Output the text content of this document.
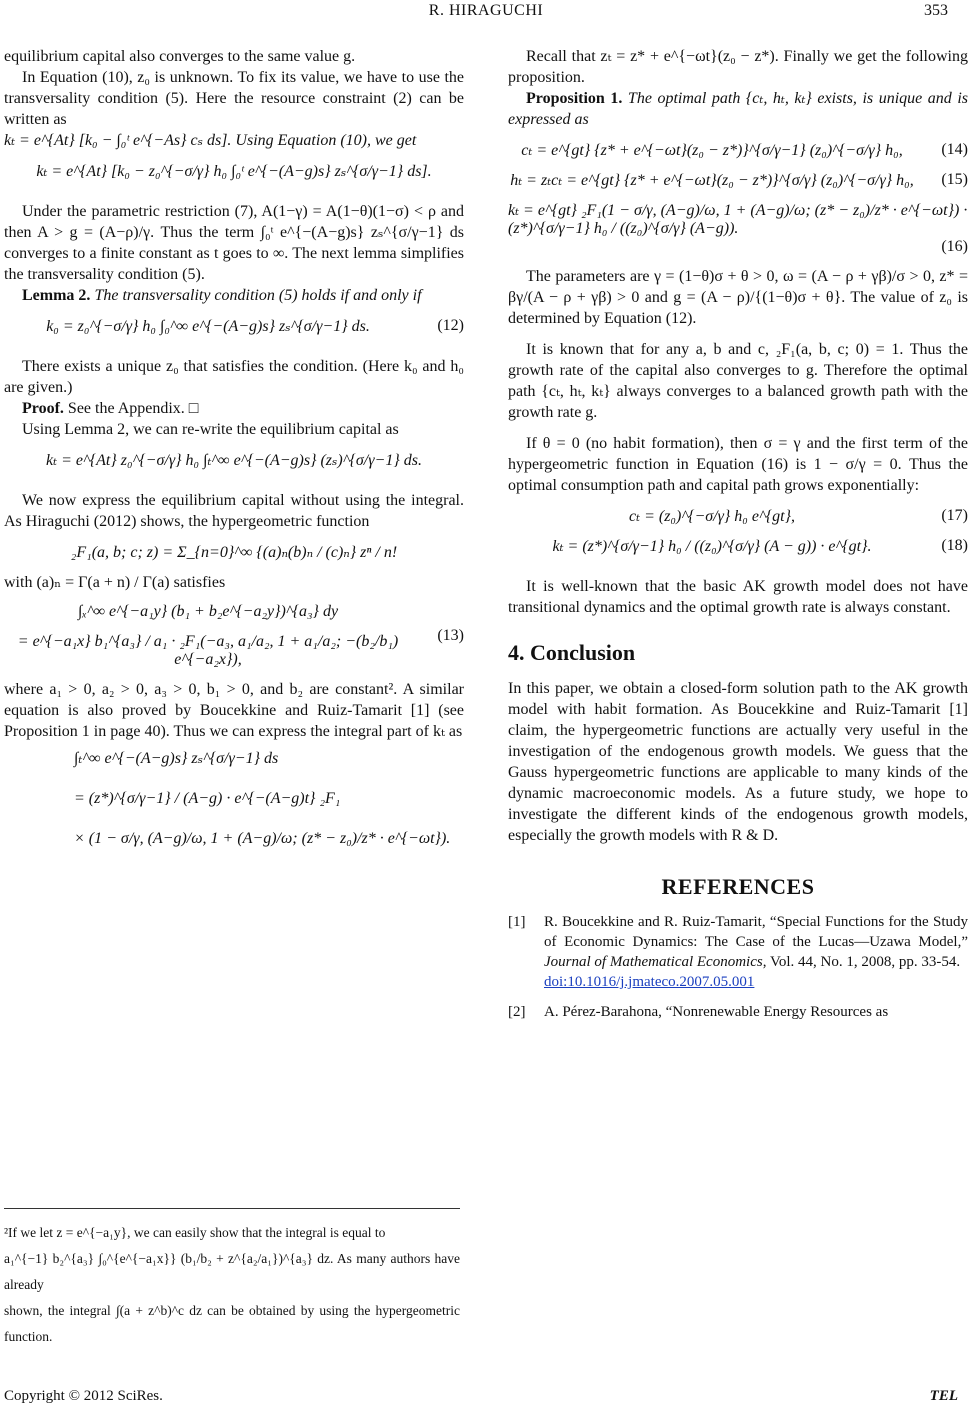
R. HIRAGUCHI	353

equilibrium capital also converges to the same value g.

In Equation (10), z₀ is unknown. To fix its value, we have to use the transversality condition (5). Here the resource constraint (2) can be written as

kₜ = e^{At} [k₀ − ∫₀ᵗ e^{−As} cₛ ds]. Using Equation (10), we get

kₜ = e^{At} [k₀ − z₀^{−σ/γ} h₀ ∫₀ᵗ e^{−(A−g)s} zₛ^{σ/γ−1} ds].

Under the parametric restriction (7), A(1−γ) = A(1−θ)(1−σ) < ρ and then A > g = (A−ρ)/γ. Thus the term ∫₀ᵗ e^{−(A−g)s} zₛ^{σ/γ−1} ds converges to a finite constant as t goes to ∞. The next lemma simplifies the transversality condition (5).

Lemma 2. The transversality condition (5) holds if and only if

k₀ = z₀^{−σ/γ} h₀ ∫₀^∞ e^{−(A−g)s} zₛ^{σ/γ−1} ds.	(12)

There exists a unique z₀ that satisfies the condition. (Here k₀ and h₀ are given.)

Proof. See the Appendix. □

Using Lemma 2, we can re-write the equilibrium capital as

kₜ = e^{At} z₀^{−σ/γ} h₀ ∫ₜ^∞ e^{−(A−g)s} (zₛ)^{σ/γ−1} ds.

We now express the equilibrium capital without using the integral. As Hiraguchi (2012) shows, the hypergeometric function

₂F₁(a, b; c; z) = Σ_{n=0}^∞ {(a)ₙ(b)ₙ / (c)ₙ} zⁿ / n!

with (a)ₙ = Γ(a + n) / Γ(a) satisfies

∫ₓ^∞ e^{−a₁y} (b₁ + b₂e^{−a₂y})^{a₃} dy
= e^{−a₁x} b₁^{a₃} / a₁ · ₂F₁(−a₃, a₁/a₂, 1 + a₁/a₂; −(b₂/b₁) e^{−a₂x}),
(13)

where a₁ > 0, a₂ > 0, a₃ > 0, b₁ > 0, and b₂ are constant². A similar equation is also proved by Boucekkine and Ruiz-Tamarit [1] (see Proposition 1 in page 40). Thus we can express the integral part of kₜ as

∫ₜ^∞ e^{−(A−g)s} zₛ^{σ/γ−1} ds
= (z*)^{σ/γ−1} / (A−g) · e^{−(A−g)t} ₂F₁
× (1 − σ/γ, (A−g)/ω, 1 + (A−g)/ω; (z* − z₀)/z* · e^{−ωt}).
²If we let z = e^{−a₁y}, we can easily show that the integral is equal to
a₁^{−1} b₂^{a₃} ∫₀^{e^{−a₁x}} (b₁/b₂ + z^{a₂/a₁})^{a₃} dz. As many authors have already
shown, the integral ∫(a + z^b)^c dz can be obtained by using the hypergeometric function.

Recall that zₜ = z* + e^{−ωt}(z₀ − z*). Finally we get the following proposition.

Proposition 1. The optimal path {cₜ, hₜ, kₜ} exists, is unique and is expressed as

cₜ = e^{gt} {z* + e^{−ωt}(z₀ − z*)}^{σ/γ−1} (z₀)^{−σ/γ} h₀,	(14)
hₜ = zₜcₜ = e^{gt} {z* + e^{−ωt}(z₀ − z*)}^{σ/γ} (z₀)^{−σ/γ} h₀,	(15)
kₜ = e^{gt} ₂F₁(1 − σ/γ, (A−g)/ω, 1 + (A−g)/ω; (z* − z₀)/z* · e^{−ωt}) · (z*)^{σ/γ−1} h₀ / ((z₀)^{σ/γ} (A−g)).
(16)

The parameters are γ = (1−θ)σ + θ > 0, ω = (A − ρ + γβ)/σ > 0, z* = βγ/(A − ρ + γβ) > 0 and g = (A − ρ)/{(1−θ)σ + θ}. The value of z₀ is determined by Equation (12).

It is known that for any a, b and c, ₂F₁(a, b, c; 0) = 1. Thus the growth rate of the capital also converges to g. Therefore the optimal path {cₜ, hₜ, kₜ} always converges to a balanced growth path with the growth rate g.

If θ = 0 (no habit formation), then σ = γ and the first term of the hypergeometric function in Equation (16) is 1 − σ/γ = 0. Thus the optimal consumption path and capital path grows exponentially:

cₜ = (z₀)^{−σ/γ} h₀ e^{gt},	(17)
kₜ = (z*)^{σ/γ−1} h₀ / ((z₀)^{σ/γ} (A − g)) · e^{gt}.	(18)

It is well-known that the basic AK growth model does not have transitional dynamics and the optimal growth rate is always constant.

4. Conclusion

In this paper, we obtain a closed-form solution path to the AK growth model with habit formation. As Boucekkine and Ruiz-Tamarit [1] claim, the hypergeometric functions are actually very useful in the investigation of the endogenous growth models. We guess that the Gauss hypergeometric functions are applicable to many kinds of the dynamic macroeconomic models. As a future study, we hope to investigate the different kinds of the endogenous growth models, especially the growth models with R & D.

REFERENCES
[1]	R. Boucekkine and R. Ruiz-Tamarit, “Special Functions for the Study of Economic Dynamics: The Case of the Lucas—Uzawa Model,” Journal of Mathematical Economics, Vol. 44, No. 1, 2008, pp. 33-54.
doi:10.1016/j.jmateco.2007.05.001
[2]	A. Pérez-Barahona, “Nonrenewable Energy Resources as
Copyright © 2012 SciRes.	TEL
